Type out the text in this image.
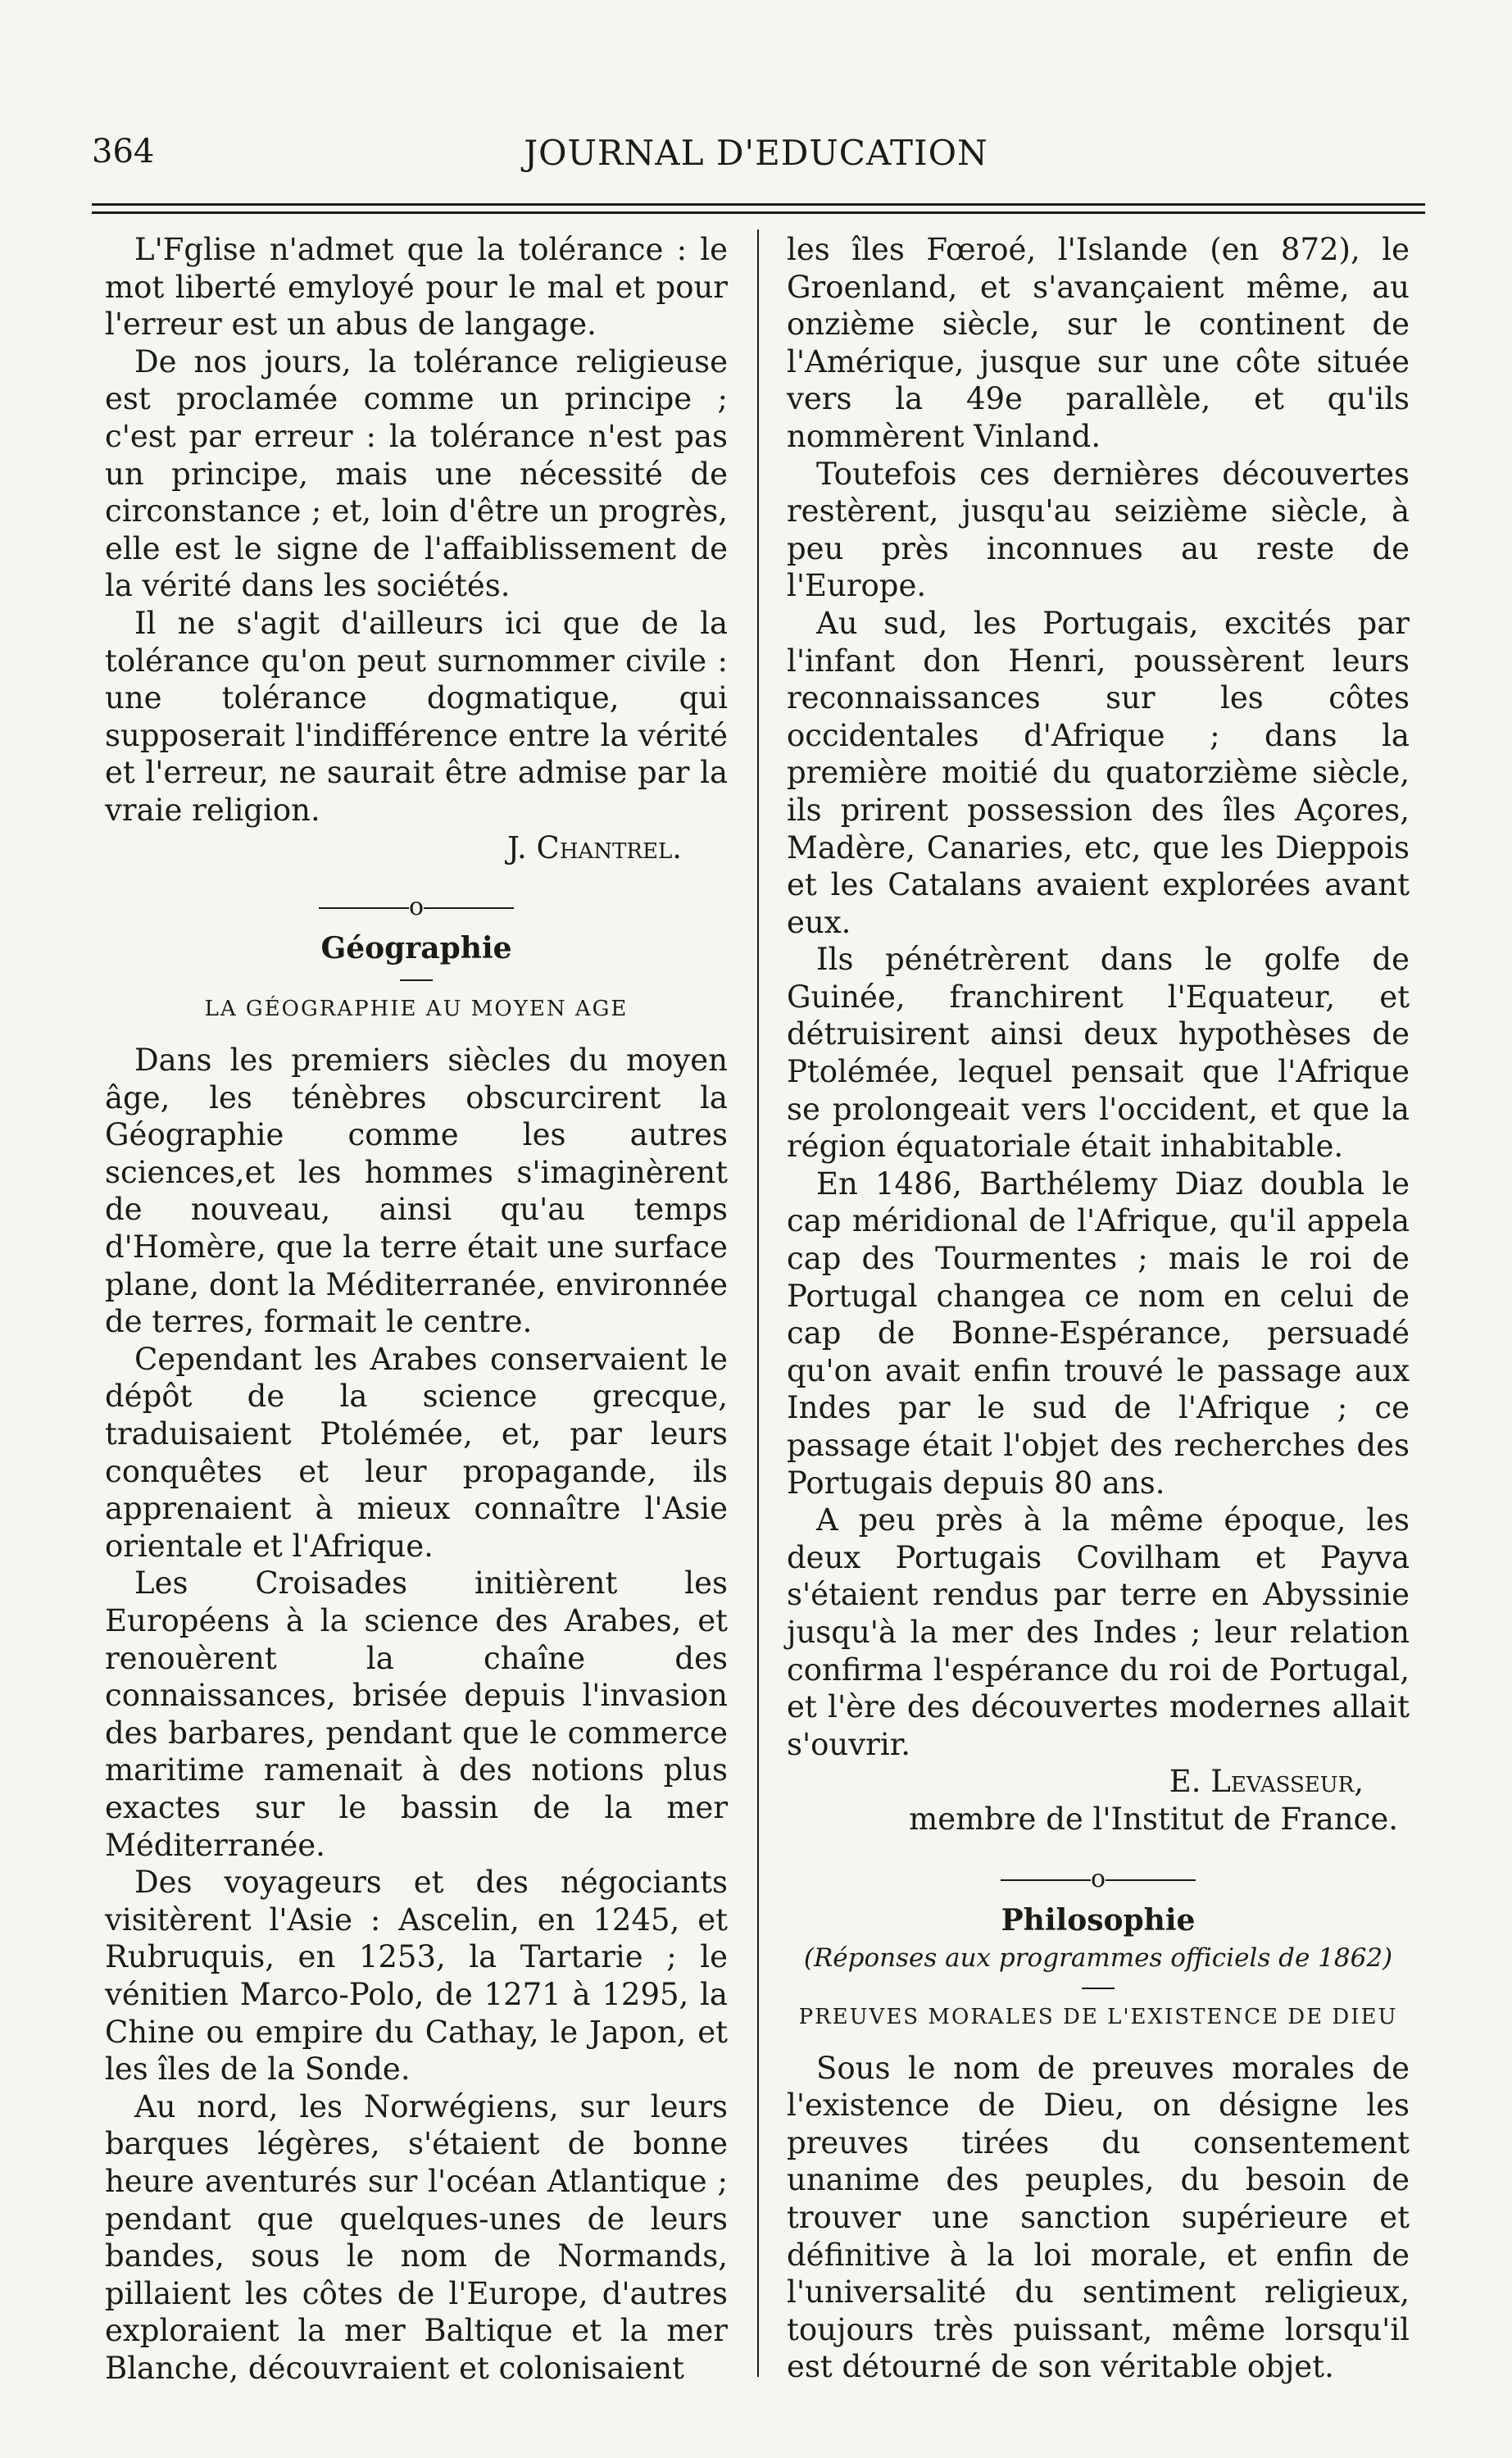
364	JOURNAL D'EDUCATION

L'Fglise n'admet que la tolérance : le mot liberté emyloyé pour le mal et pour l'erreur est un abus de langage.

De nos jours, la tolérance religieuse est proclamée comme un principe ; c'est par erreur : la tolérance n'est pas un principe, mais une nécessité de circonstance ; et, loin d'être un progrès, elle est le signe de l'affaiblissement de la vérité dans les sociétés.

Il ne s'agit d'ailleurs ici que de la tolérance qu'on peut surnommer civile : une tolérance dogmatique, qui supposerait l'indifférence entre la vérité et l'erreur, ne saurait être admise par la vraie religion.

J. Chantrel.

o
Géographie
LA GÉOGRAPHIE AU MOYEN AGE

Dans les premiers siècles du moyen âge, les ténèbres obscurcirent la Géographie comme les autres sciences,et les hommes s'imaginèrent de nouveau, ainsi qu'au temps d'Homère, que la terre était une surface plane, dont la Méditerranée, environnée de terres, formait le centre.

Cependant les Arabes conservaient le dépôt de la science grecque, traduisaient Ptolémée, et, par leurs conquêtes et leur propagande, ils apprenaient à mieux connaître l'Asie orientale et l'Afrique.

Les Croisades initièrent les Européens à la science des Arabes, et renouèrent la chaîne des connaissances, brisée depuis l'invasion des barbares, pendant que le commerce maritime ramenait à des notions plus exactes sur le bassin de la mer Méditerranée.

Des voyageurs et des négociants visitèrent l'Asie : Ascelin, en 1245, et Rubruquis, en 1253, la Tartarie ; le vénitien Marco-Polo, de 1271 à 1295, la Chine ou empire du Cathay, le Japon, et les îles de la Sonde.

Au nord, les Norwégiens, sur leurs barques légères, s'étaient de bonne heure aventurés sur l'océan Atlantique ; pendant que quelques-unes de leurs bandes, sous le nom de Normands, pillaient les côtes de l'Europe, d'autres exploraient la mer Baltique et la mer Blanche, découvraient et colonisaient

les îles Fœroé, l'Islande (en 872), le Groenland, et s'avançaient même, au onzième siècle, sur le continent de l'Amérique, jusque sur une côte située vers la 49e parallèle, et qu'ils nommèrent Vinland.

Toutefois ces dernières découvertes restèrent, jusqu'au seizième siècle, à peu près inconnues au reste de l'Europe.

Au sud, les Portugais, excités par l'infant don Henri, poussèrent leurs reconnaissances sur les côtes occidentales d'Afrique ; dans la première moitié du quatorzième siècle, ils prirent possession des îles Açores, Madère, Canaries, etc, que les Dieppois et les Catalans avaient explorées avant eux.

Ils pénétrèrent dans le golfe de Guinée, franchirent l'Equateur, et détruisirent ainsi deux hypothèses de Ptolémée, lequel pensait que l'Afrique se prolongeait vers l'occident, et que la région équatoriale était inhabitable.

En 1486, Barthélemy Diaz doubla le cap méridional de l'Afrique, qu'il appela cap des Tourmentes ; mais le roi de Portugal changea ce nom en celui de cap de Bonne-Espérance, persuadé qu'on avait enfin trouvé le passage aux Indes par le sud de l'Afrique ; ce passage était l'objet des recherches des Portugais depuis 80 ans.

A peu près à la même époque, les deux Portugais Covilham et Payva s'étaient rendus par terre en Abyssinie jusqu'à la mer des Indes ; leur relation confirma l'espérance du roi de Portugal, et l'ère des découvertes modernes allait s'ouvrir.

E. Levasseur,

membre de l'Institut de France.

o
Philosophie
(Réponses aux programmes officiels de 1862)
PREUVES MORALES DE L'EXISTENCE DE DIEU

Sous le nom de preuves morales de l'existence de Dieu, on désigne les preuves tirées du consentement unanime des peuples, du besoin de trouver une sanction supérieure et définitive à la loi morale, et enfin de l'universalité du sentiment religieux, toujours très puissant, même lorsqu'il est détourné de son véritable objet.
